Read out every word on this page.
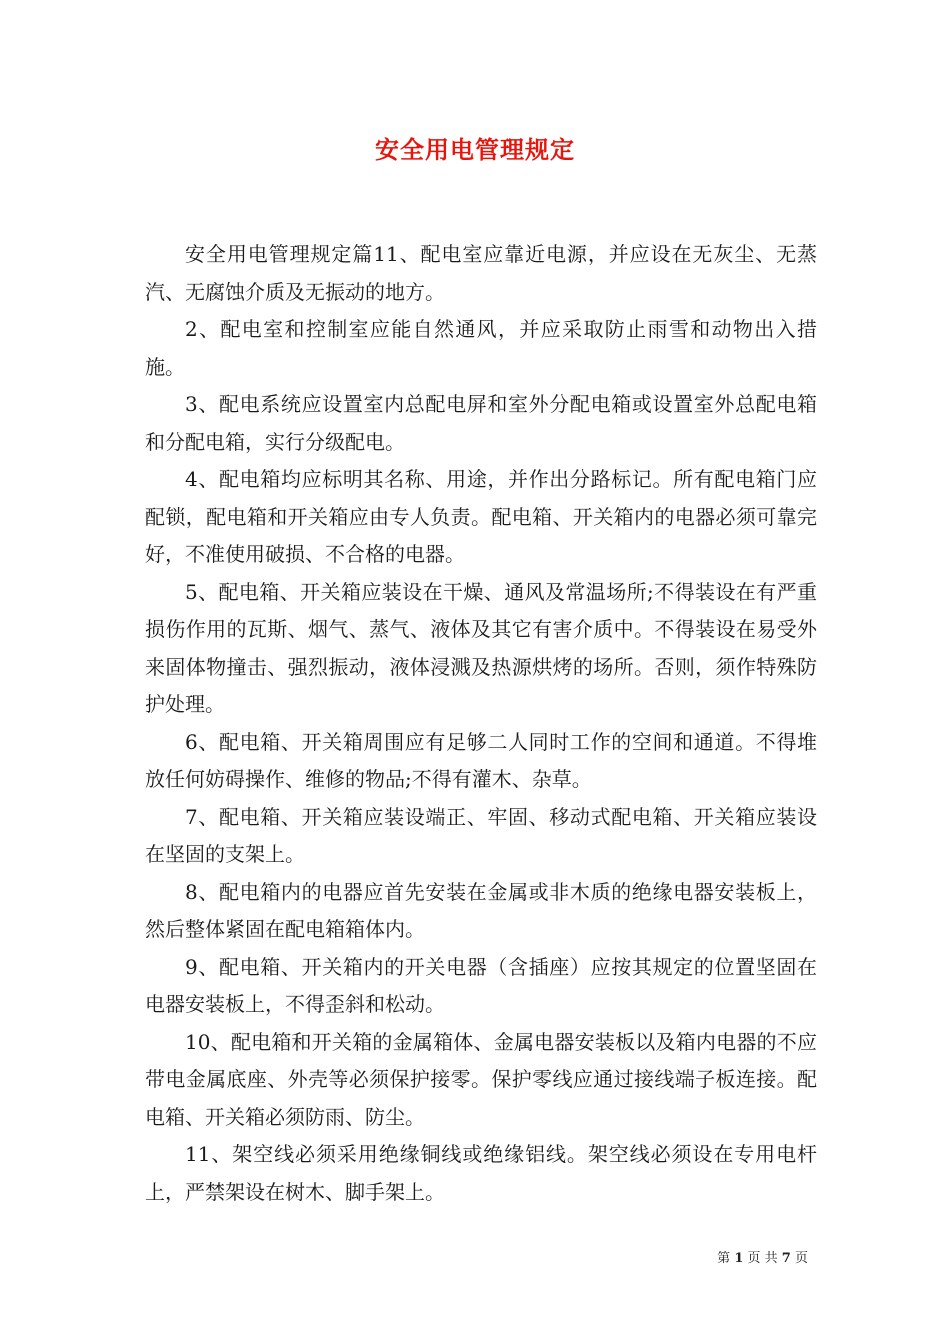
安全用电管理规定

安全用电管理规定篇11、配电室应靠近电源，并应设在无灰尘、无蒸汽、无腐蚀介质及无振动的地方。

2、配电室和控制室应能自然通风，并应采取防止雨雪和动物出入措施。

3、配电系统应设置室内总配电屏和室外分配电箱或设置室外总配电箱和分配电箱，实行分级配电。

4、配电箱均应标明其名称、用途，并作出分路标记。所有配电箱门应配锁，配电箱和开关箱应由专人负责。配电箱、开关箱内的电器必须可靠完好，不准使用破损、不合格的电器。

5、配电箱、开关箱应装设在干燥、通风及常温场所;不得装设在有严重损伤作用的瓦斯、烟气、蒸气、液体及其它有害介质中。不得装设在易受外来固体物撞击、强烈振动，液体浸溅及热源烘烤的场所。否则，须作特殊防护处理。

6、配电箱、开关箱周围应有足够二人同时工作的空间和通道。不得堆放任何妨碍操作、维修的物品;不得有灌木、杂草。

7、配电箱、开关箱应装设端正、牢固、移动式配电箱、开关箱应装设在坚固的支架上。

8、配电箱内的电器应首先安装在金属或非木质的绝缘电器安装板上，然后整体紧固在配电箱箱体内。

9、配电箱、开关箱内的开关电器（含插座）应按其规定的位置坚固在电器安装板上，不得歪斜和松动。

10、配电箱和开关箱的金属箱体、金属电器安装板以及箱内电器的不应带电金属底座、外壳等必须保护接零。保护零线应通过接线端子板连接。配电箱、开关箱必须防雨、防尘。

11、架空线必须采用绝缘铜线或绝缘铝线。架空线必须设在专用电杆上，严禁架设在树木、脚手架上。

第 1 页 共 7 页
